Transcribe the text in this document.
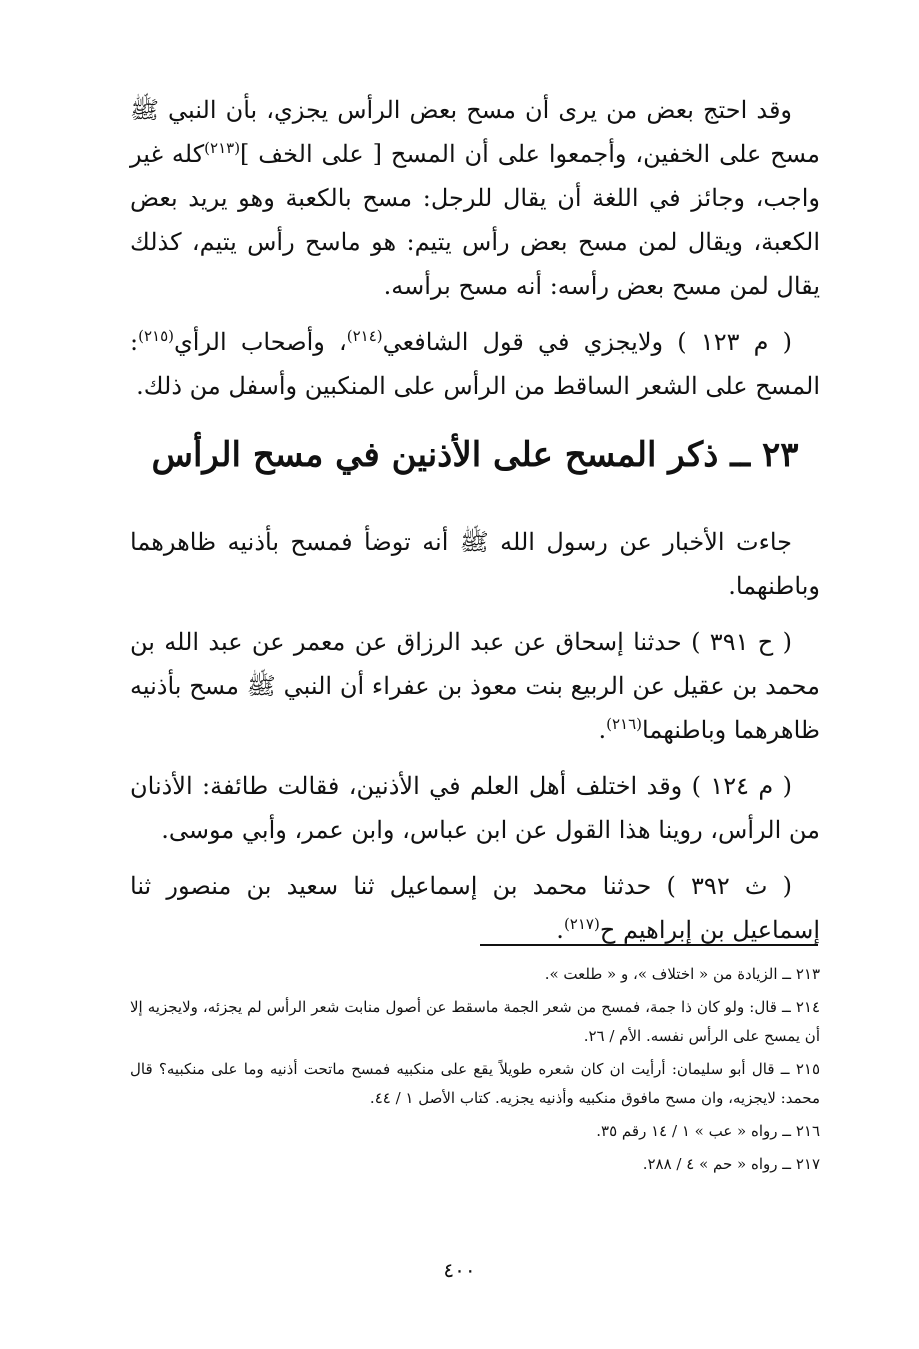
وقد احتج بعض من يرى أن مسح بعض الرأس يجزي، بأن النبي ﷺ مسح على الخفين، وأجمعوا على أن المسح [ على الخف ]$^{(٢١٣)}$كله غير واجب، وجائز في اللغة أن يقال للرجل: مسح بالكعبة وهو يريد بعض الكعبة، ويقال لمن مسح بعض رأس يتيم: هو ماسح رأس يتيم، كذلك يقال لمن مسح بعض رأسه: أنه مسح برأسه.

( م ١٢٣ ) ولايجزي في قول الشافعي$^{(٢١٤)}$، وأصحاب الرأي$^{(٢١٥)}$: المسح على الشعر الساقط من الرأس على المنكبين وأسفل من ذلك.

٢٣ ــ ذكر المسح على الأذنين في مسح الرأس

جاءت الأخبار عن رسول الله ﷺ أنه توضأ فمسح بأذنيه ظاهرهما وباطنهما.

( ح ٣٩١ ) حدثنا إسحاق عن عبد الرزاق عن معمر عن عبد الله بن محمد بن عقيل عن الربيع بنت معوذ بن عفراء أن النبي ﷺ مسح بأذنيه ظاهرهما وباطنهما$^{(٢١٦)}$.

( م ١٢٤ ) وقد اختلف أهل العلم في الأذنين، فقالت طائفة: الأذنان من الرأس، روينا هذا القول عن ابن عباس، وابن عمر، وأبي موسى.

( ث ٣٩٢ ) حدثنا محمد بن إسماعيل ثنا سعيد بن منصور ثنا إسماعيل بن إبراهيم ح$^{(٢١٧)}$.

٢١٣ ــ الزيادة من « اختلاف »، و « طلعت ».

٢١٤ ــ قال: ولو كان ذا جمة، فمسح من شعر الجمة ماسقط عن أصول منابت شعر الرأس لم يجزئه، ولايجزيه إلا أن يمسح على الرأس نفسه. الأم / ٢٦.

٢١٥ ــ قال أبو سليمان: أرأيت ان كان شعره طويلاً يقع على منكبيه فمسح ماتحت أذنيه وما على منكبيه؟ قال محمد: لايجزيه، وان مسح مافوق منكبيه وأذنيه يجزيه. كتاب الأصل ١ / ٤٤.

٢١٦ ــ رواه « عب » ١ / ١٤ رقم ٣٥.

٢١٧ ــ رواه « حم » ٤ / ٢٨٨.

٤٠٠
